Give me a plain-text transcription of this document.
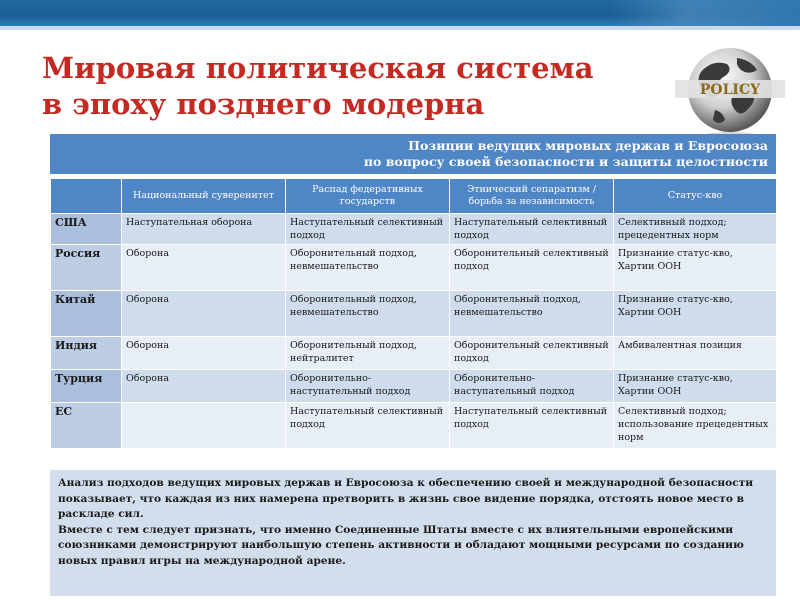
Мировая политическая система
в эпоху позднего модерна	POLICY
Позиции ведущих мировых держав и Евросоюза
по вопросу своей безопасности и защиты целостности
	Национальный суверенитет	Распад федеративных государств	Этнический сепаратизм / борьба за независимость	Статус-кво
США	Наступательная оборона	Наступательный селективный подход	Наступательный селективный подход	Селективный подход; прецедентных норм
Россия	Оборона	Оборонительный подход, невмешательство	Оборонительный селективный подход	Признание статус-кво, Хартии ООН
Китай	Оборона	Оборонительный подход, невмешательство	Оборонительный подход, невмешательство	Признание статус-кво, Хартии ООН
Индия	Оборона	Оборонительный подход, нейтралитет	Оборонительный селективный подход	Амбивалентная позиция
Турция	Оборона	Оборонительно-наступательный подход	Оборонительно-наступательный подход	Признание статус-кво, Хартии ООН
ЕС		Наступательный селективный подход	Наступательный селективный подход	Селективный подход; использование прецедентных норм

Анализ подходов ведущих мировых держав и Евросоюза к обеспечению своей и международной безопасности показывает, что каждая из них намерена претворить в жизнь свое видение порядка, отстоять новое место в раскладе сил.

Вместе с тем следует признать, что именно Соединенные Штаты вместе с их влиятельными европейскими союзниками демонстрируют наибольшую степень активности и обладают мощными ресурсами по созданию новых правил игры на международной арене.
